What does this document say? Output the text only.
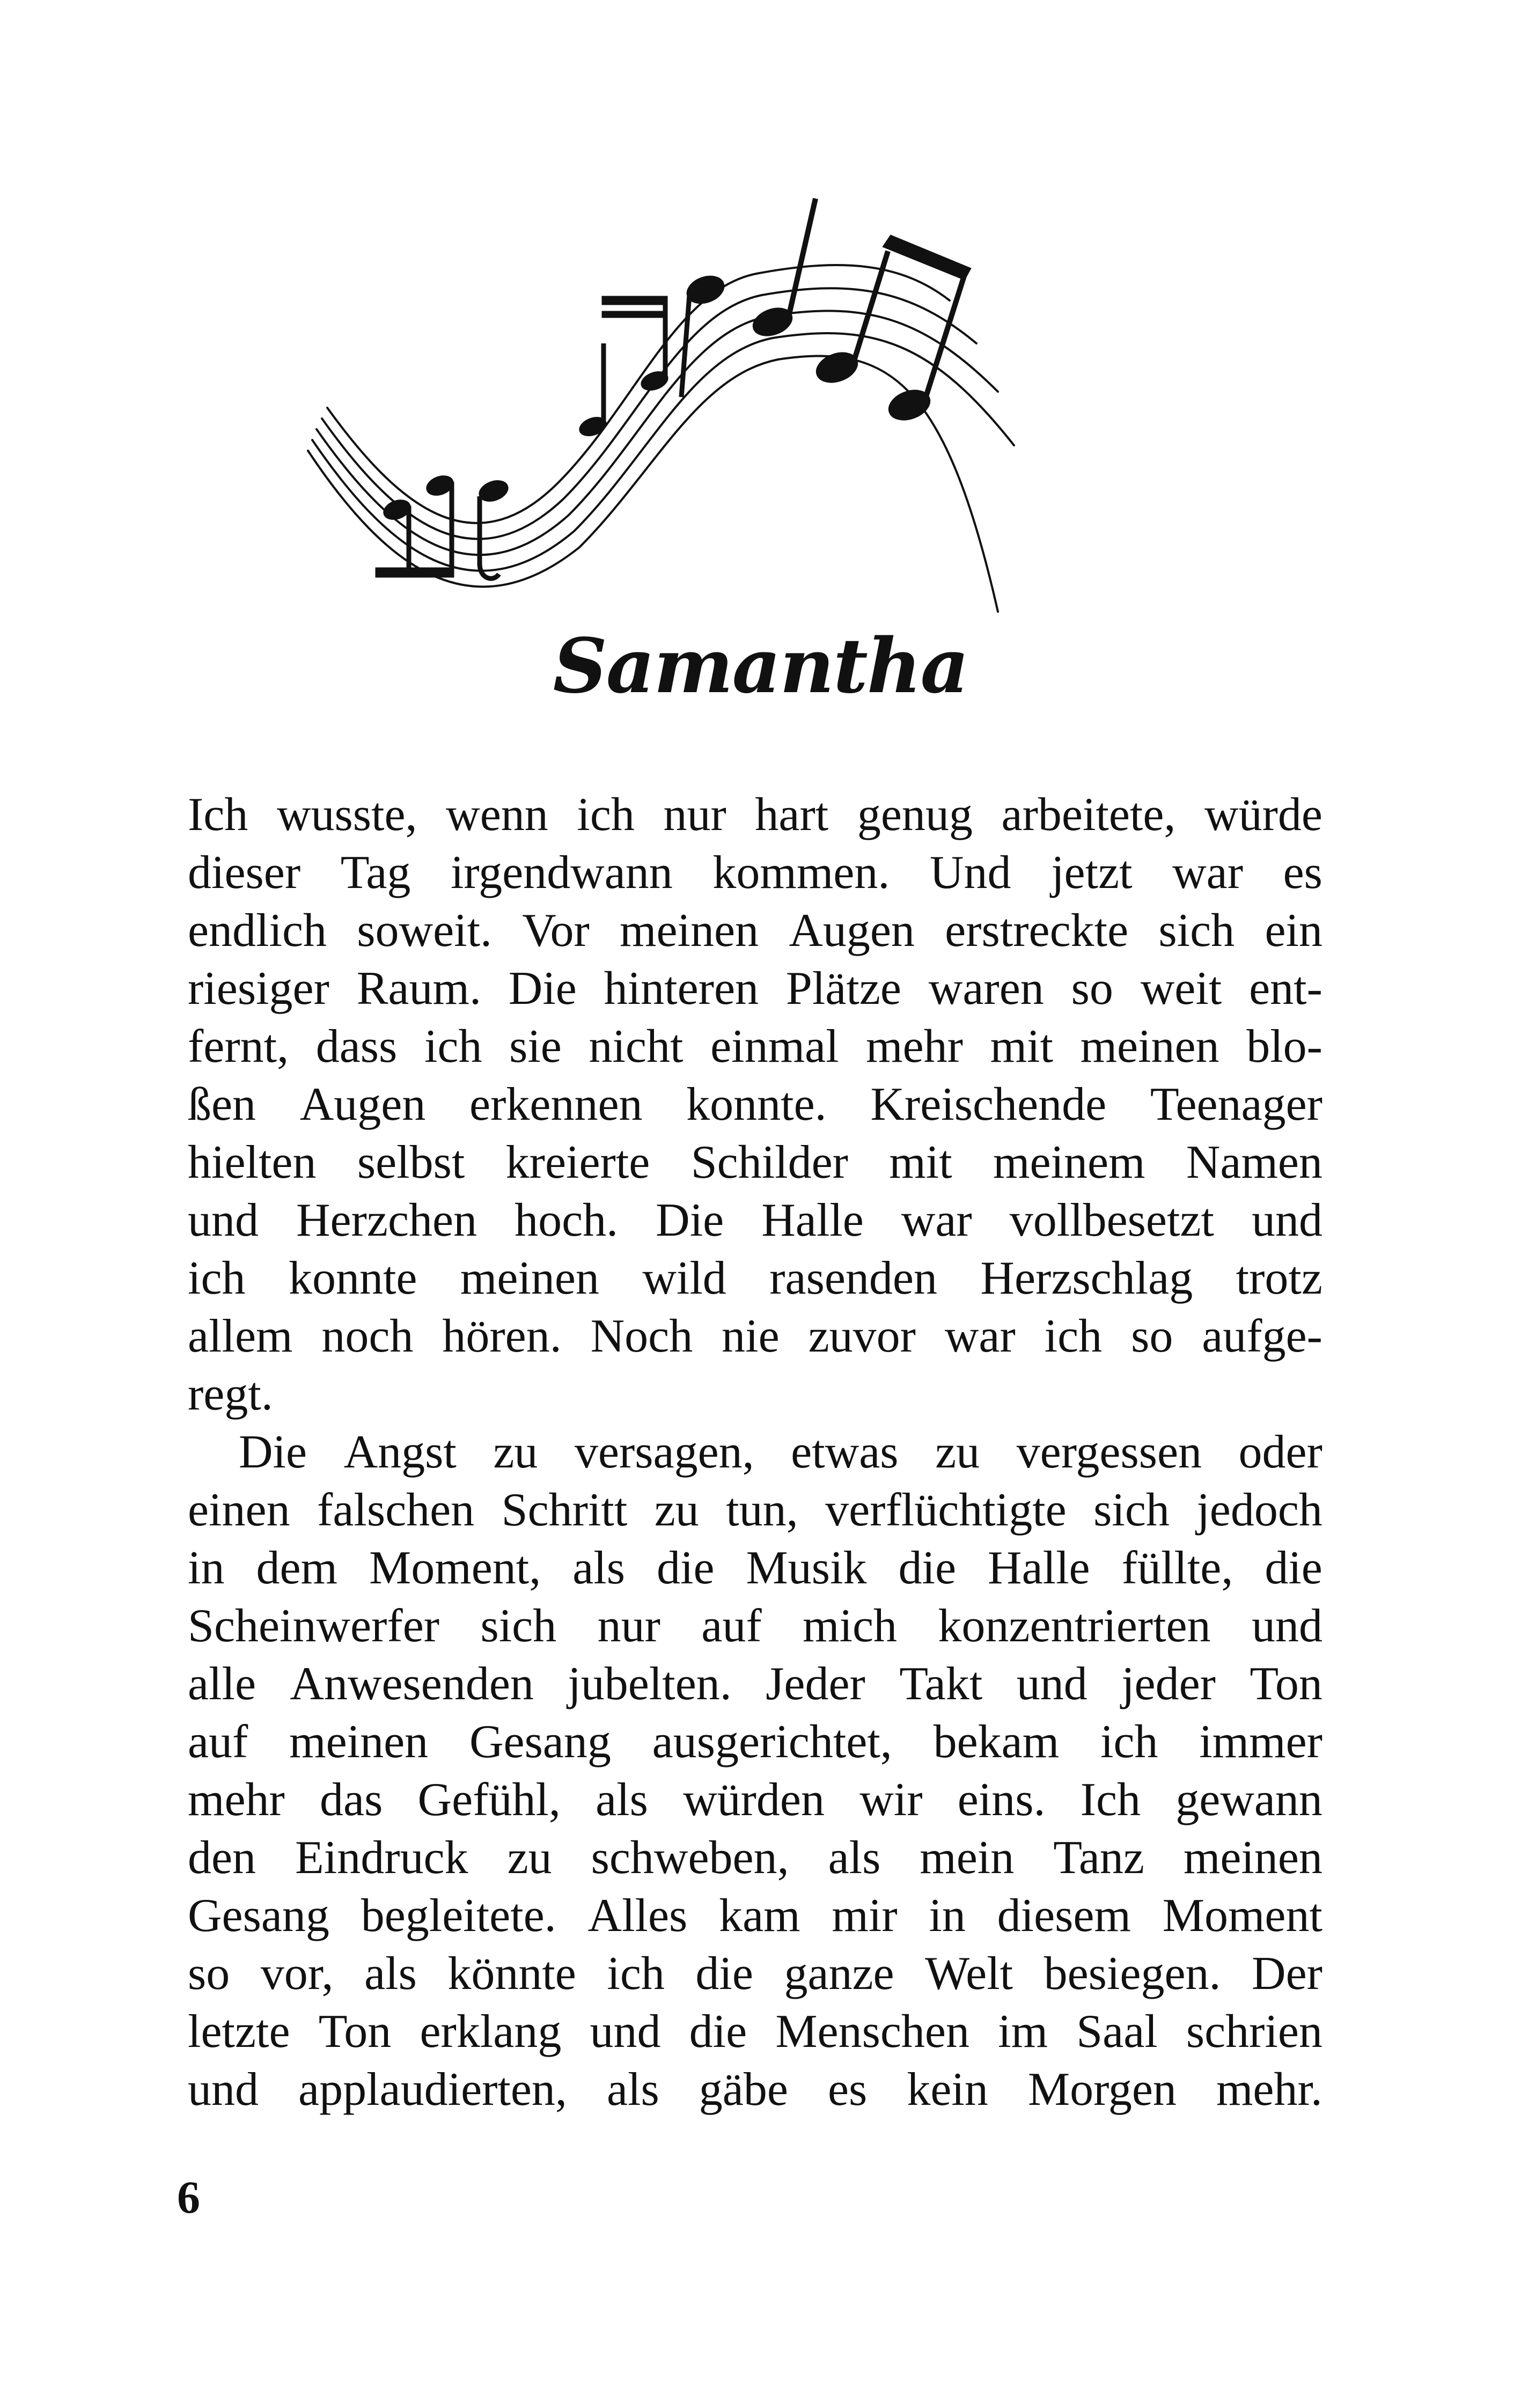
Samantha
Ich wusste, wenn ich nur hart genug arbeitete, würde
dieser Tag irgendwann kommen. Und jetzt war es
endlich soweit. Vor meinen Augen erstreckte sich ein
riesiger Raum. Die hinteren Plätze waren so weit ent-
fernt, dass ich sie nicht einmal mehr mit meinen blo-
ßen Augen erkennen konnte. Kreischende Teenager
hielten selbst kreierte Schilder mit meinem Namen
und Herzchen hoch. Die Halle war vollbesetzt und
ich konnte meinen wild rasenden Herzschlag trotz
allem noch hören. Noch nie zuvor war ich so aufge-
regt.
Die Angst zu versagen, etwas zu vergessen oder
einen falschen Schritt zu tun, verflüchtigte sich jedoch
in dem Moment, als die Musik die Halle füllte, die
Scheinwerfer sich nur auf mich konzentrierten und
alle Anwesenden jubelten. Jeder Takt und jeder Ton
auf meinen Gesang ausgerichtet, bekam ich immer
mehr das Gefühl, als würden wir eins. Ich gewann
den Eindruck zu schweben, als mein Tanz meinen
Gesang begleitete. Alles kam mir in diesem Moment
so vor, als könnte ich die ganze Welt besiegen. Der
letzte Ton erklang und die Menschen im Saal schrien
und applaudierten, als gäbe es kein Morgen mehr.

6
